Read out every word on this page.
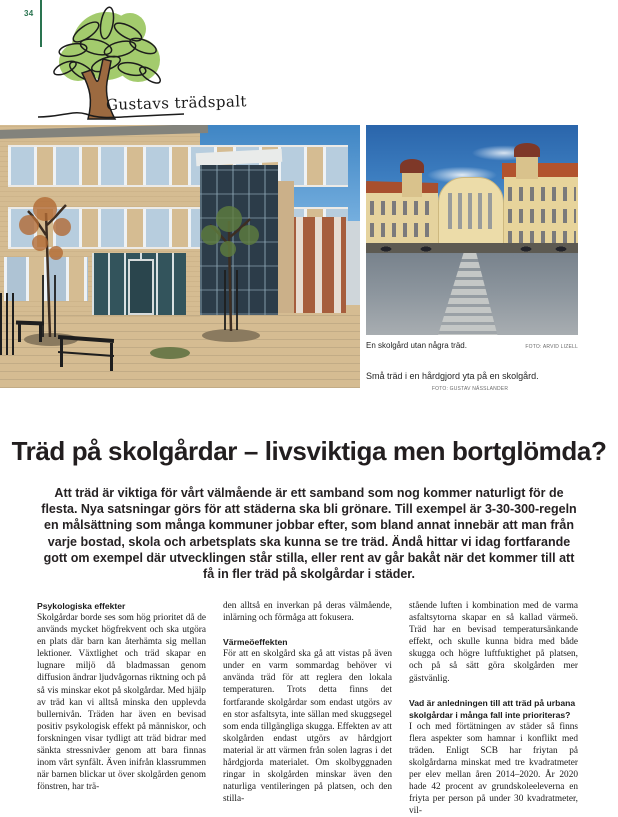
34
Gustavs trädspalt
En skolgård utan några träd.	FOTO: ARVID LIZELL
Små träd i en hårdgjord yta på en skolgård.
FOTO: GUSTAV NÄSSLANDER
Träd på skolgårdar – livsviktiga men bortglömda?

Att träd är viktiga för vårt välmående är ett samband som nog kommer naturligt för de flesta. Nya satsningar görs för att städerna ska bli grönare. Till exempel är 3-30-300-regeln en målsättning som många kommuner jobbar efter, som bland annat innebär att man från varje bostad, skola och arbetsplats ska kunna se tre träd. Ändå hittar vi idag fortfarande gott om exempel där utvecklingen står stilla, eller rent av går bakåt när det kommer till att få in fler träd på skolgårdar i städer.

Psykologiska effekter

Skolgårdar borde ses som hög prioritet då de används mycket högfrekvent och ska utgöra en plats där barn kan återhämta sig mellan lektioner. Växtlighet och träd skapar en lugnare miljö då bladmassan genom diffusion ändrar ljudvågornas riktning och på så vis minskar ekot på skolgårdar. Med hjälp av träd kan vi alltså minska den upplevda bullernivån. Träden har även en bevisad positiv psykologisk effekt på människor, och forskningen visar tydligt att träd bidrar med sänkta stressnivåer genom att bara finnas inom vårt synfält. Även inifrån klassrummen när barnen blickar ut över skolgården genom fönstren, har trä-

den alltså en inverkan på deras välmående, inlärning och förmåga att fokusera.

Värmeöeffekten

För att en skolgård ska gå att vistas på även under en varm sommardag behöver vi använda träd för att reglera den lokala temperaturen. Trots detta finns det fortfarande skolgårdar som endast utgörs av en stor asfaltsyta, inte sällan med skuggsegel som enda tillgängliga skugga. Effekten av att skolgården endast utgörs av hårdgjort material är att värmen från solen lagras i det hårdgjorda materialet. Om skolbyggnaden ringar in skolgården minskar även den naturliga ventileringen på platsen, och den stilla-

stående luften i kombination med de varma asfaltsytorna skapar en så kallad värmeö. Träd har en bevisad temperatursänkande effekt, och skulle kunna bidra med både skugga och högre luftfuktighet på platsen, och på så sätt göra skolgården mer gästvänlig.

Vad är anledningen till att träd på urbana skolgårdar i många fall inte prioriteras?

I och med förtätningen av städer så finns flera aspekter som hamnar i konflikt med träden. Enligt SCB har friytan på skolgårdarna minskat med tre kvadratmeter per elev mellan åren 2014–2020. År 2020 hade 42 procent av grundskoleeleverna en friyta per person på under 30 kvadratmeter, vil-
